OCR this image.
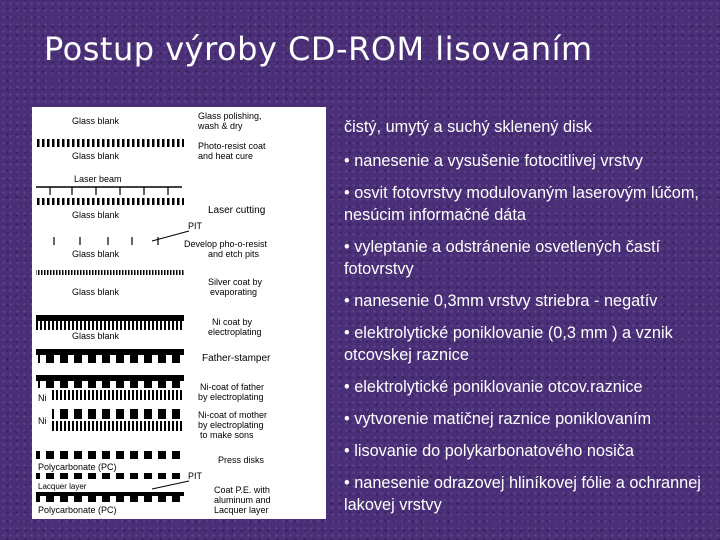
Postup výroby CD-ROM lisovaním
Glass blank	Glass polishing,
wash & dry
Glass blank
Photo-resist coat
and heat cure
Laser beam
Glass blank	Laser cutting
PIT
Glass blank
Develop pho-o-resist
and etch pits
Glass blank
Silver coat by
evaporating
Glass blank
Ni coat by
electroplating
Father-stamper
Ni
Ni-coat of father
by electroplating
Ni
Ni-coat of mother
by electroplating
to make sons
Press disks
Polycarbonate (PC)
PIT
Lacquer layer
Polycarbonate (PC)
Coat P.E. with
aluminum and
Lacquer layer

čistý, umytý a suchý sklenený disk

• nanesenie a vysušenie fotocitlivej vrstvy

• osvit fotovrstvy modulovaným laserovým lúčom, nesúcim informačné dáta

• vyleptanie a odstránenie osvetlených častí fotovrstvy

• nanesenie 0,3mm vrstvy striebra - negatív

• elektrolytické poniklovanie (0,3 mm ) a vznik otcovskej raznice

• elektrolytické poniklovanie otcov.raznice

• vytvorenie matičnej raznice poniklovaním

• lisovanie do polykarbonatového nosiča

• nanesenie odrazovej hliníkovej fólie a ochrannej lakovej vrstvy
